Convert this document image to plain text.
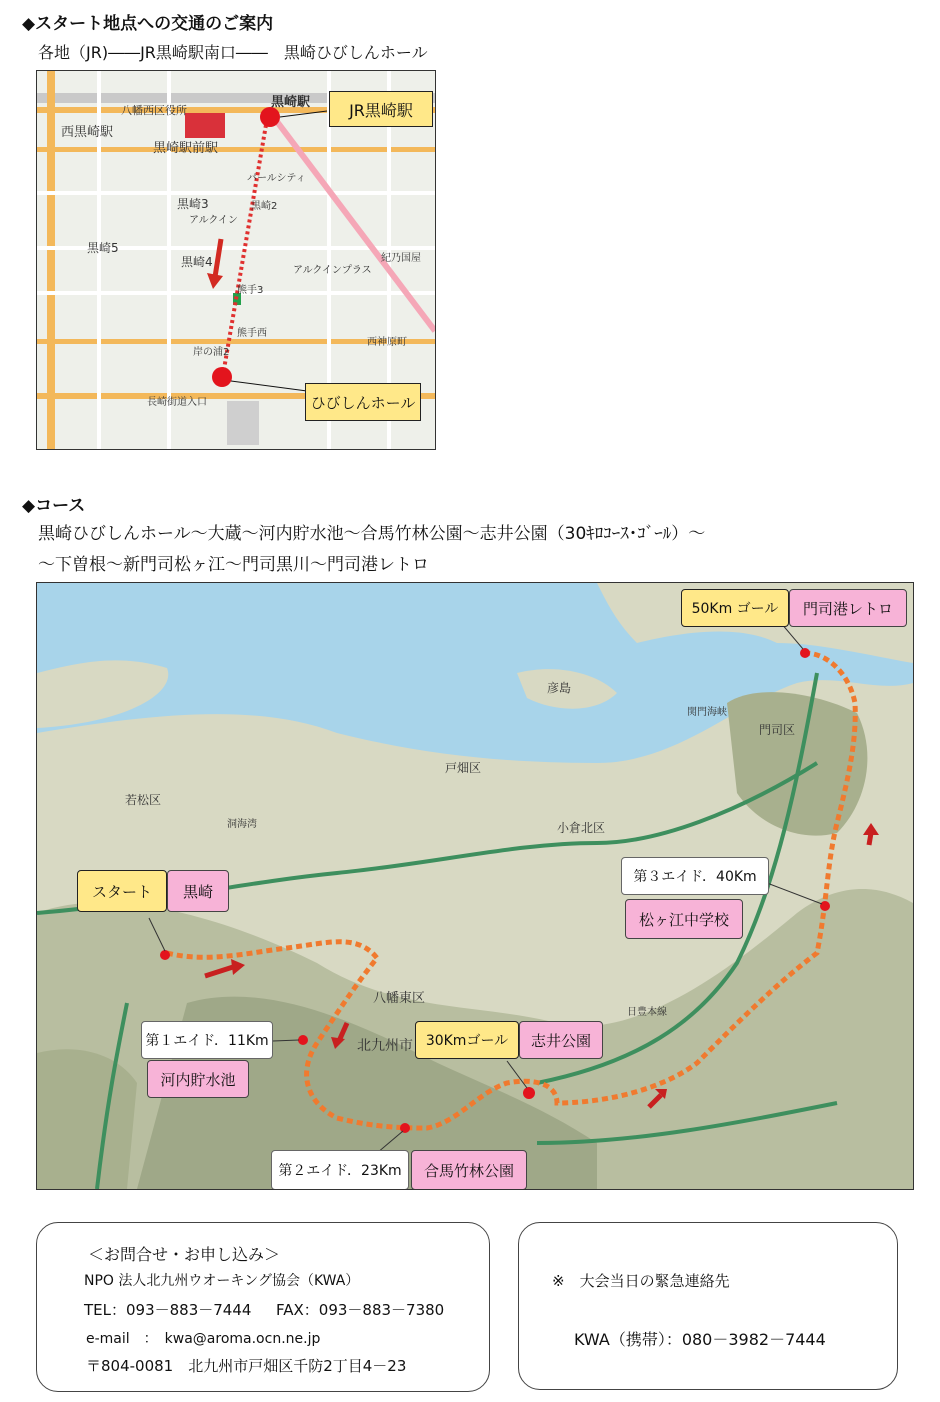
◆スタート地点への交通のご案内
各地（JR)――JR黒崎駅南口――　黒崎ひびしんホール
西黒崎駅
八幡西区役所
黒崎駅
黒崎駅前駅
黒崎3
黒崎5
黒崎4
熊手3
熊手西
岸の浦2
長崎街道入口
西神原町
紀乃国屋
アルクインプラス
黒崎2
アルクイン
パールシティ
JR黒崎駅
ひびしんホール
◆コース
黒崎ひびしんホール～大蔵～河内貯水池～合馬竹林公園～志井公園（30ｷﾛｺｰｽ･ｺﾞｰﾙ）～
～下曽根～新門司松ヶ江～門司黒川～門司港レトロ
若松区
八幡東区
北九州市
戸畑区
門司区
小倉北区
彦島
関門海峡
洞海湾
日豊本線
スタート	黒崎
第１エイド．11Km
河内貯水池
第２エイド．23Km	合馬竹林公園
30Kmゴール	志井公園
第３エイド．40Km
松ヶ江中学校
50Km ゴール	門司港レトロ
＜お問合せ・お申し込み＞
NPO 法人北九州ウオーキング協会（KWA）
TEL：093－883－7444 FAX：093－883－7380
e-mail　：　kwa@aroma.ocn.ne.jp
〒804-0081　北九州市戸畑区千防2丁目4－23
※　大会当日の緊急連絡先
KWA（携帯）：080－3982－7444
